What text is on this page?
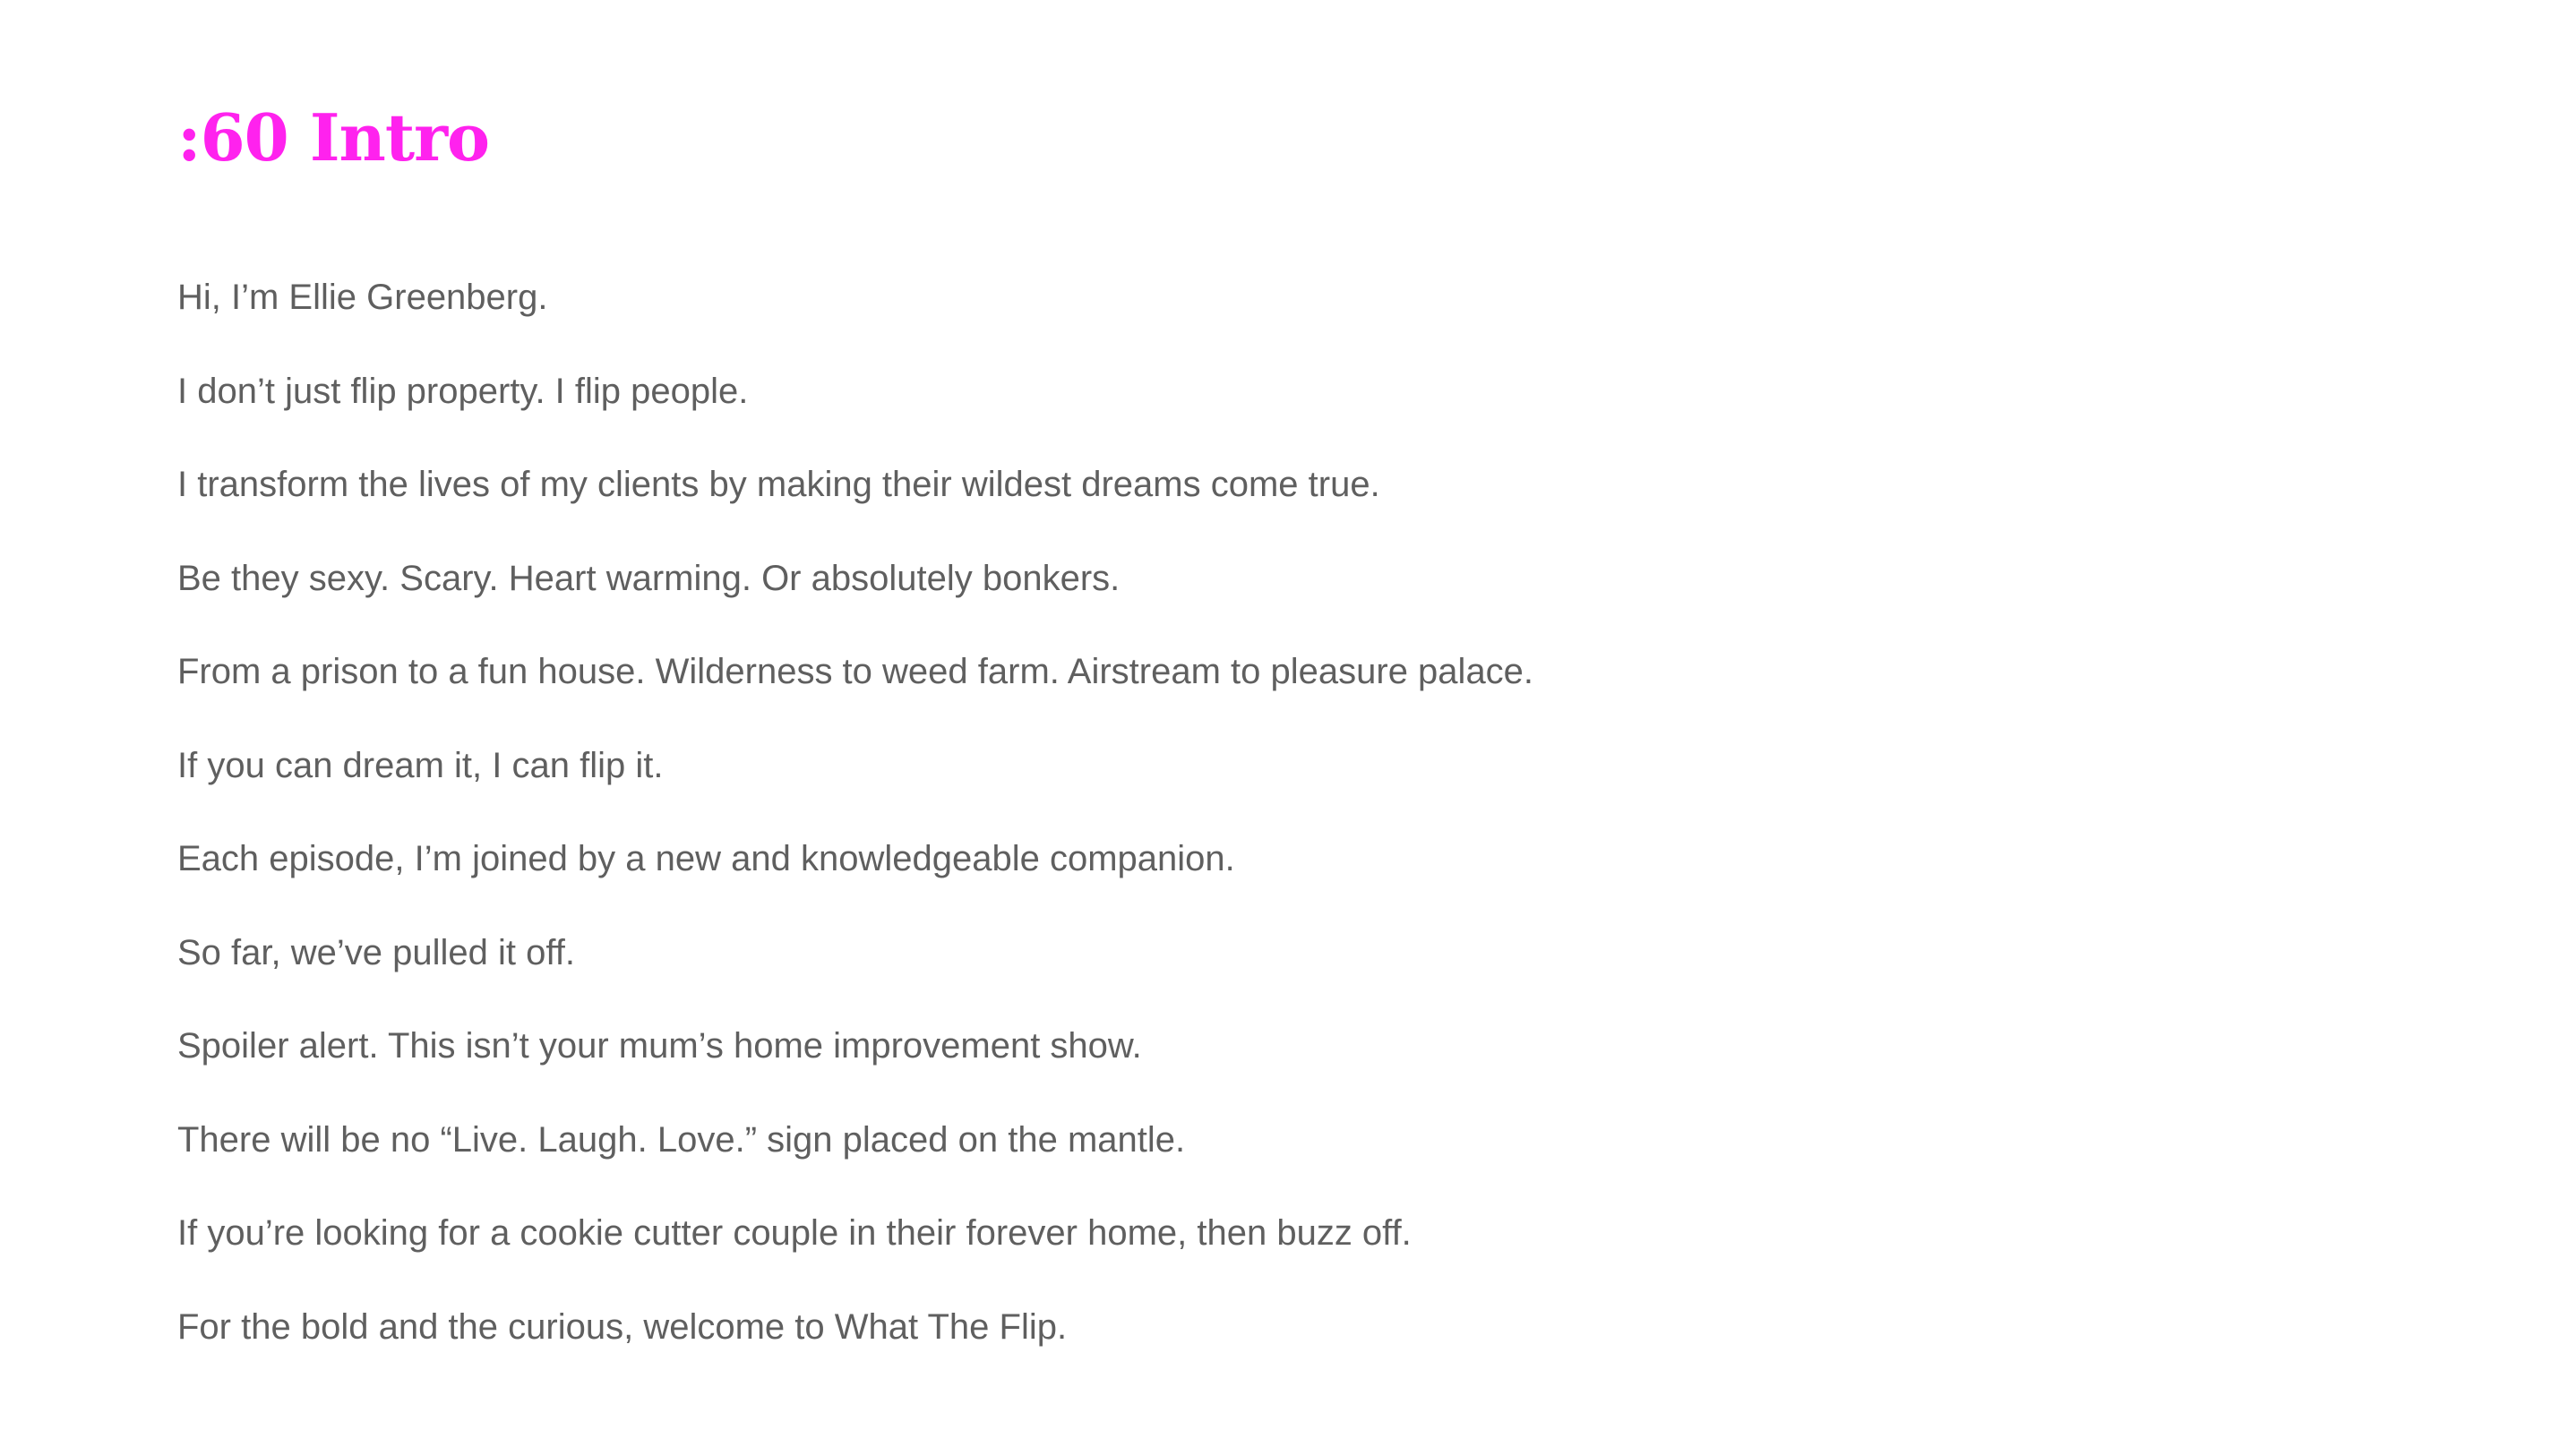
:60 Intro
Hi, I’m Ellie Greenberg.
I don’t just flip property. I flip people.
I transform the lives of my clients by making their wildest dreams come true.
Be they sexy. Scary. Heart warming. Or absolutely bonkers.
From a prison to a fun house. Wilderness to weed farm. Airstream to pleasure palace.
If you can dream it, I can flip it.
Each episode, I’m joined by a new and knowledgeable companion.
So far, we’ve pulled it off.
Spoiler alert. This isn’t your mum’s home improvement show.
There will be no “Live. Laugh. Love.” sign placed on the mantle.
If you’re looking for a cookie cutter couple in their forever home, then buzz off.
For the bold and the curious, welcome to What The Flip.
